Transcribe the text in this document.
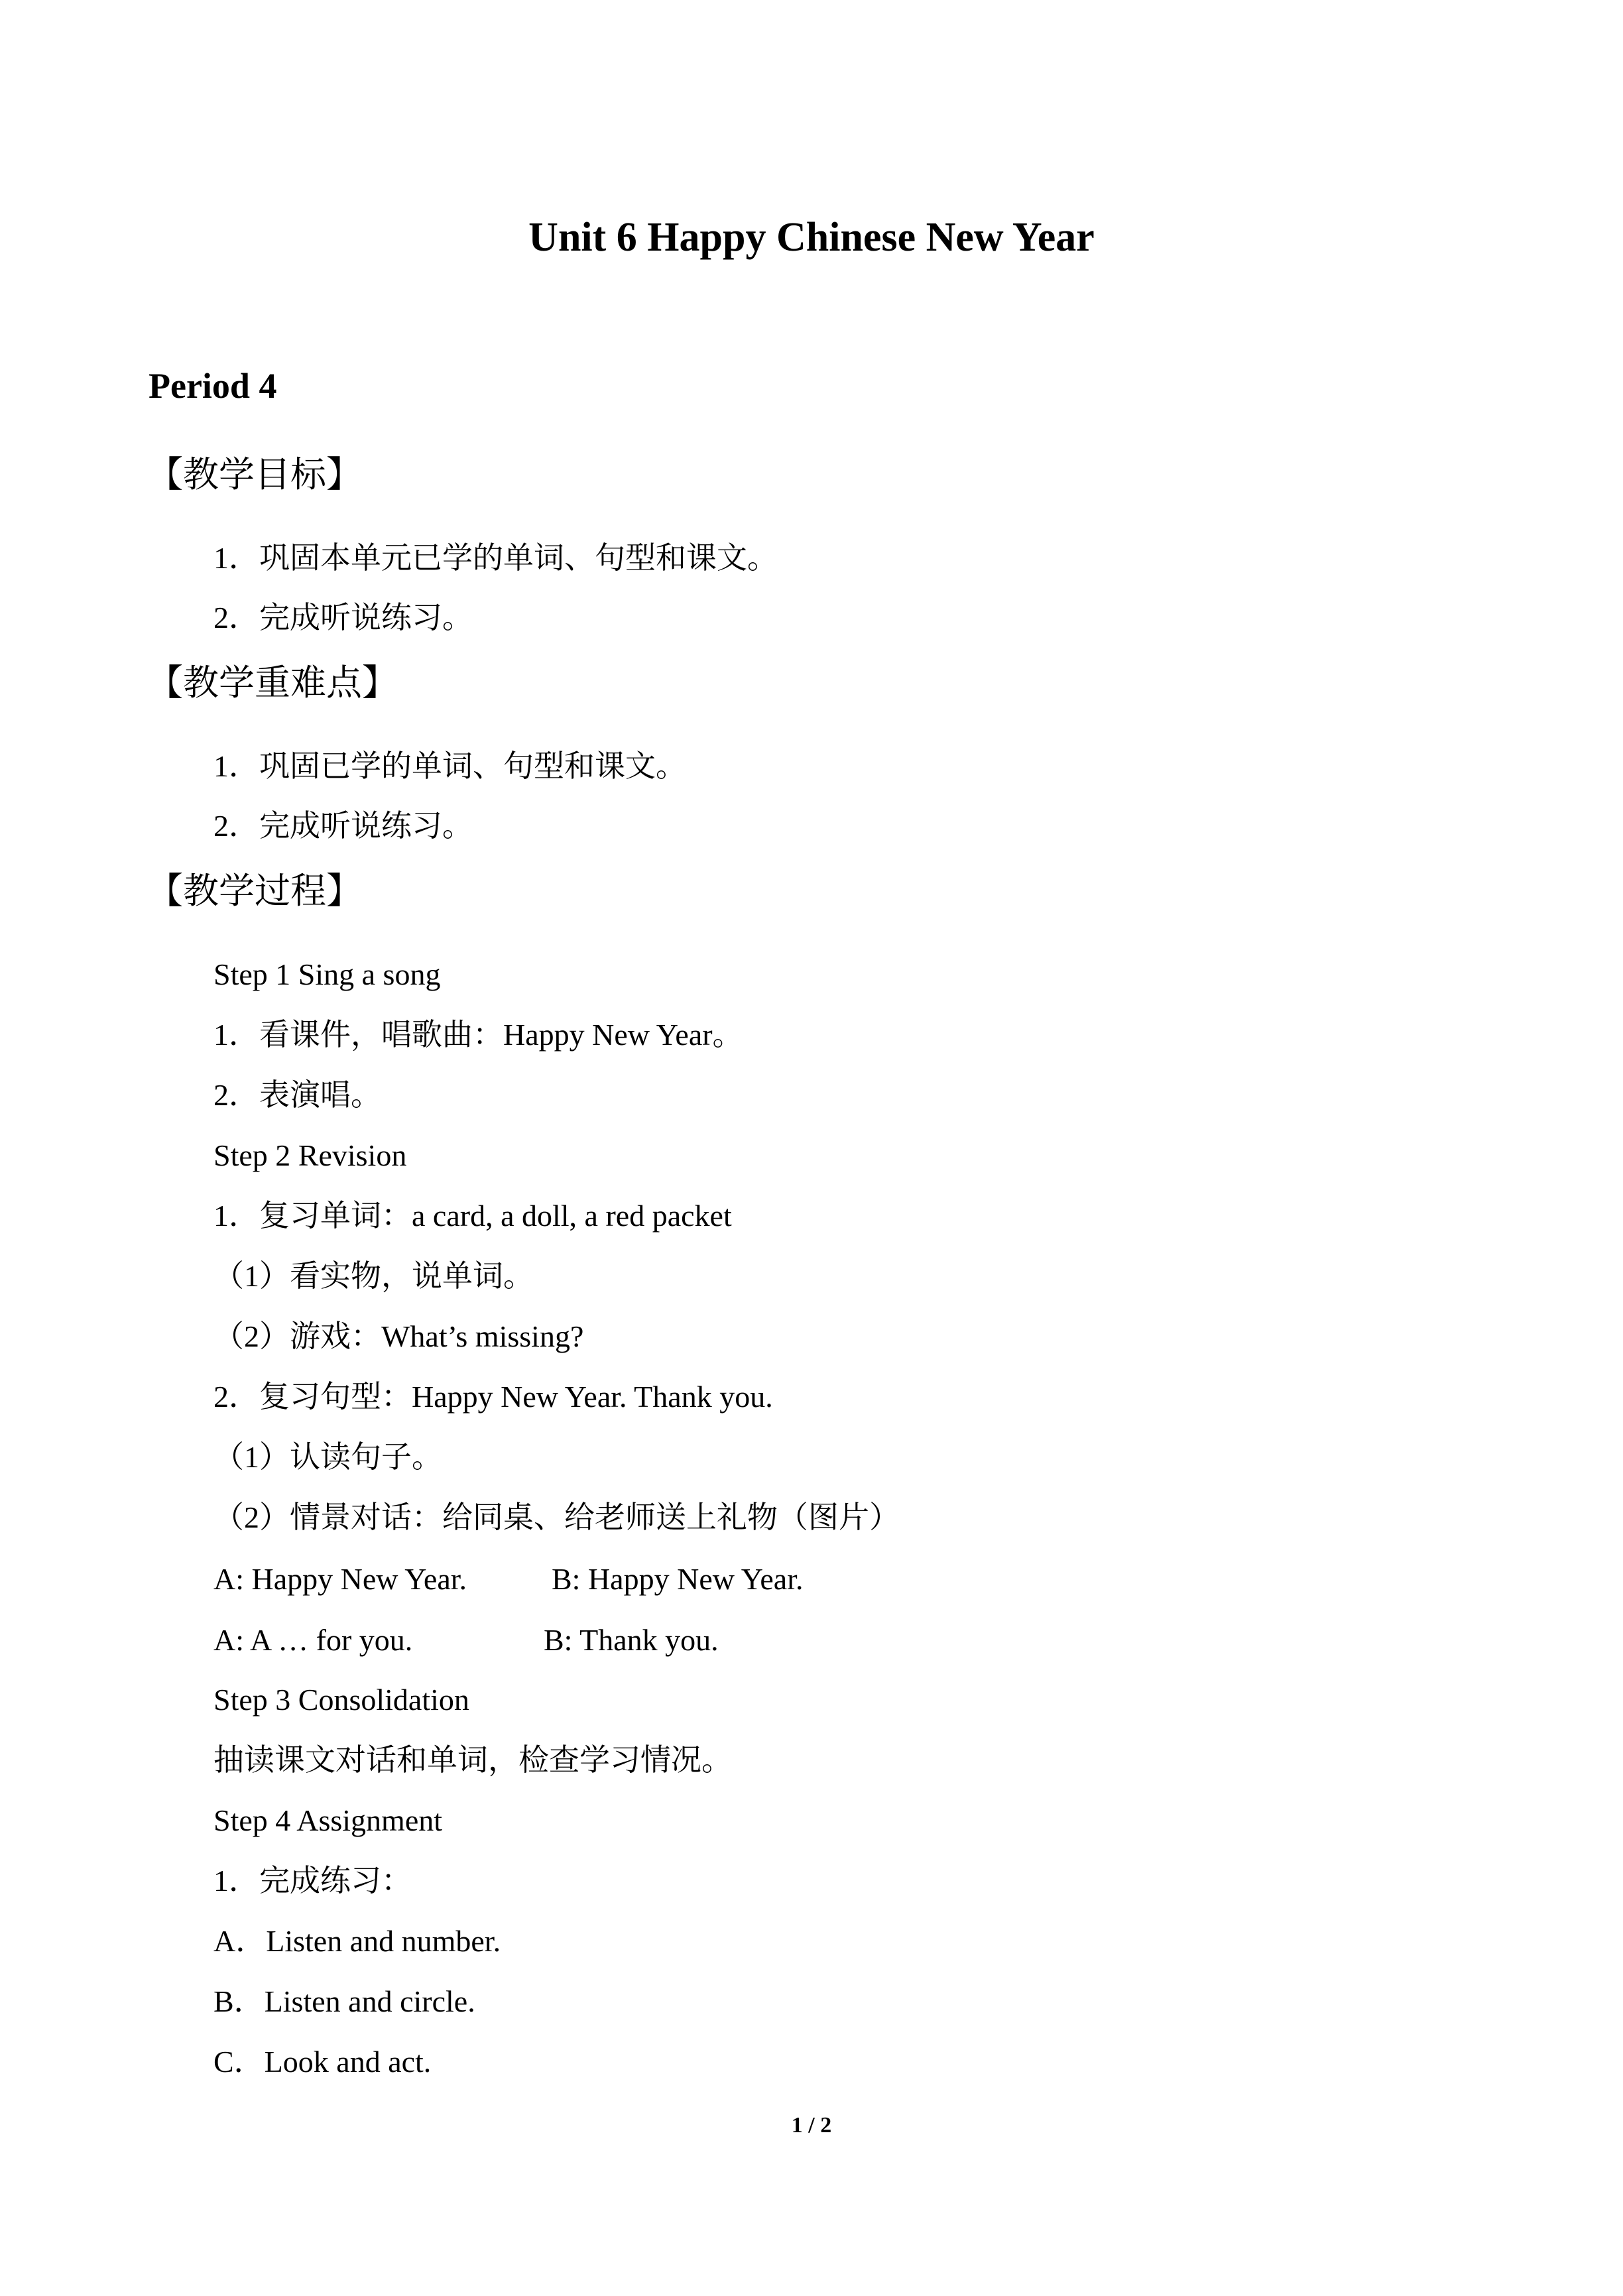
Unit 6 Happy Chinese New Year
Period 4
【教学目标】
1．巩固本单元已学的单词、句型和课文。
2．完成听说练习。
【教学重难点】
1．巩固已学的单词、句型和课文。
2．完成听说练习。
【教学过程】
Step 1 Sing a song
1．看课件，唱歌曲：Happy New Year。
2．表演唱。
Step 2 Revision
1．复习单词：a card, a doll, a red packet
（1）看实物，说单词。
（2）游戏：What’s missing?
2．复习句型：Happy New Year. Thank you.
（1）认读句子。
（2）情景对话：给同桌、给老师送上礼物（图片）
A: Happy New Year.	B: Happy New Year.
A: A … for you.	B: Thank you.
Step 3 Consolidation
抽读课文对话和单词，检查学习情况。
Step 4 Assignment
1．完成练习：
A．Listen and number.
B．Listen and circle.
C．Look and act.
1 / 2
